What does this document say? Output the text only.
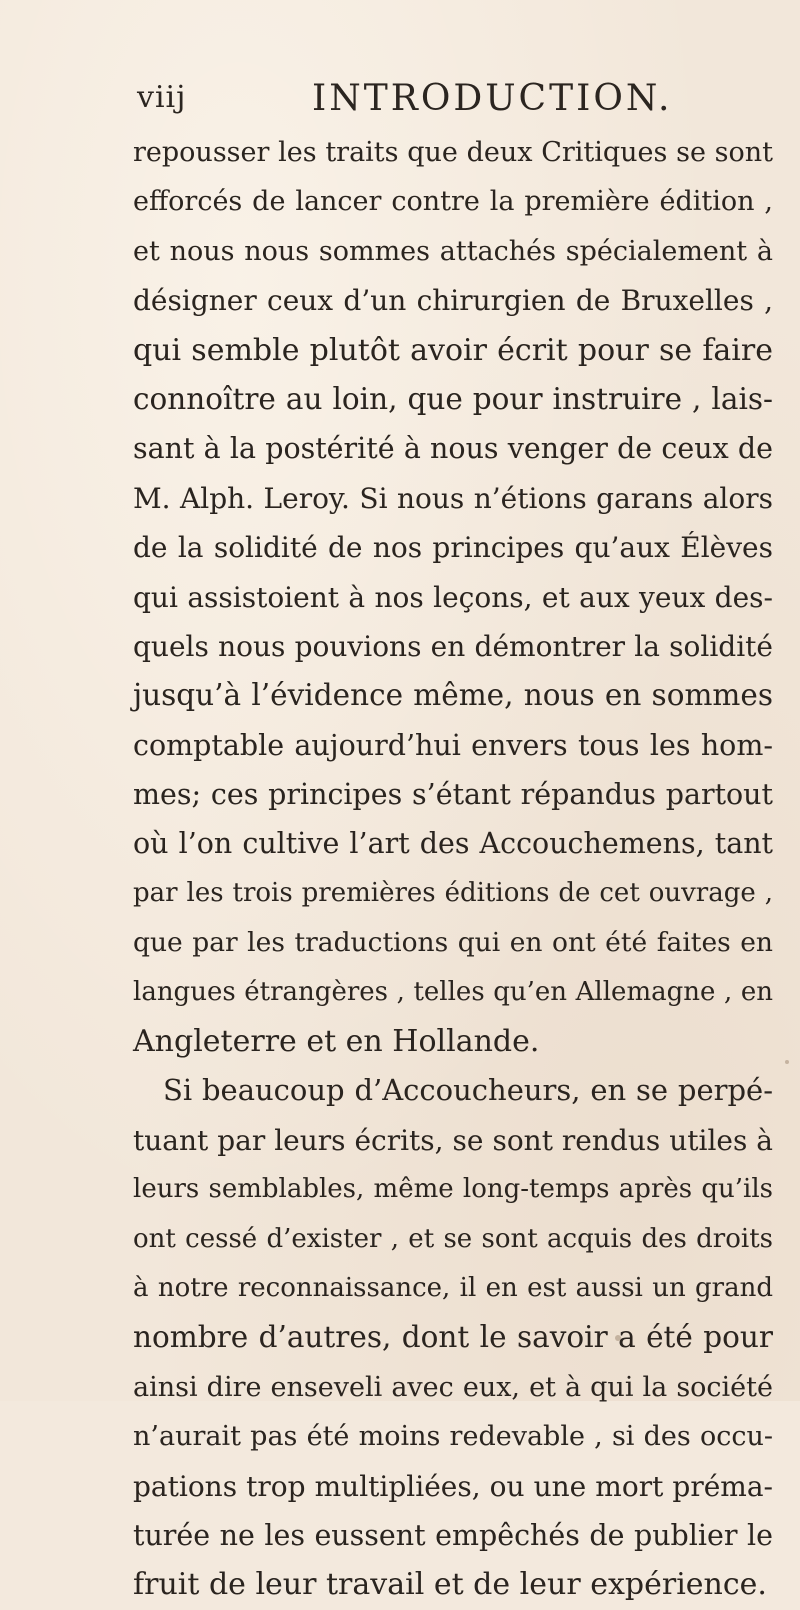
viij	INTRODUCTION.
repousser les traits que deux Critiques se sont
efforcés de lancer contre la première édition ,
et nous nous sommes attachés spécialement à
désigner ceux d’un chirurgien de Bruxelles ,
qui semble plutôt avoir écrit pour se faire
connoître au loin, que pour instruire , lais-
sant à la postérité à nous venger de ceux de
M. Alph. Leroy. Si nous n’étions garans alors
de la solidité de nos principes qu’aux Élèves
qui assistoient à nos leçons, et aux yeux des-
quels nous pouvions en démontrer la solidité
jusqu’à l’évidence même, nous en sommes
comptable aujourd’hui envers tous les hom-
mes; ces principes s’étant répandus partout
où l’on cultive l’art des Accouchemens, tant
par les trois premières éditions de cet ouvrage ,
que par les traductions qui en ont été faites en
langues étrangères , telles qu’en Allemagne , en
Angleterre et en Hollande.
Si beaucoup d’Accoucheurs, en se perpé-
tuant par leurs écrits, se sont rendus utiles à
leurs semblables, même long-temps après qu’ils
ont cessé d’exister , et se sont acquis des droits
à notre reconnaissance, il en est aussi un grand
nombre d’autres, dont le savoir a été pour
ainsi dire enseveli avec eux, et à qui la société
n’aurait pas été moins redevable , si des occu-
pations trop multipliées, ou une mort préma-
turée ne les eussent empêchés de publier le
fruit de leur travail et de leur expérience.
